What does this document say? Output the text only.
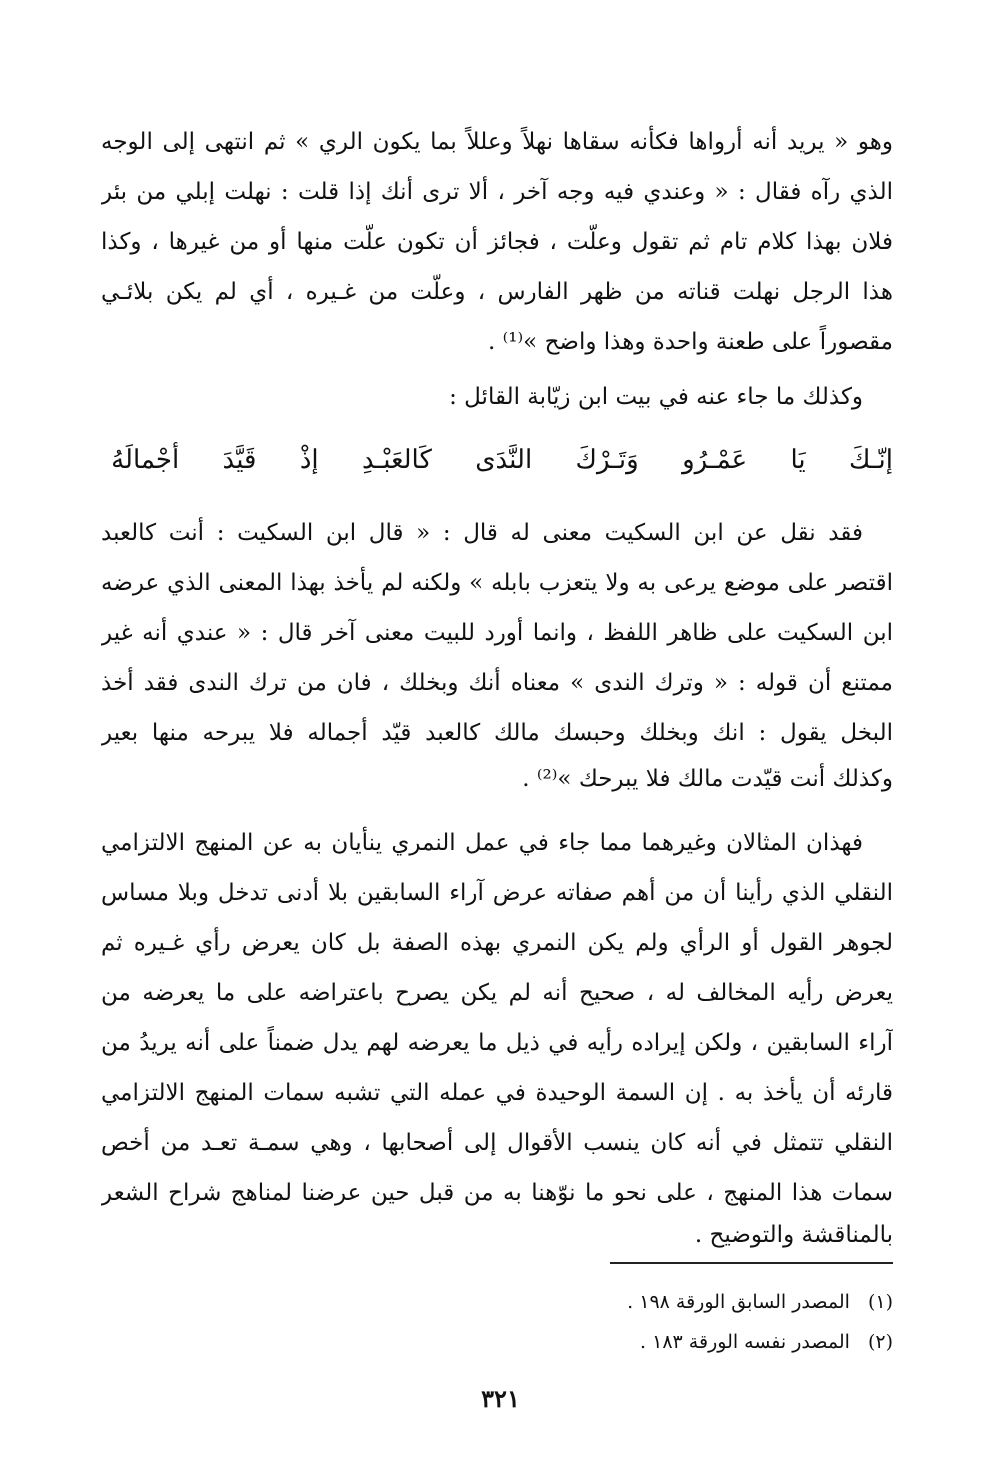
وهو « يريد أنه أرواها فكأنه سقاها نهلاً وعللاً بما يكون الري » ثم انتهى إلى الوجه
الذي رآه فقال : « وعندي فيه وجه آخر ، ألا ترى أنك إذا قلت : نهلت إبلي من بئر
فلان بهذا كلام تام ثم تقول وعلّت ، فجائز أن تكون علّت منها أو من غيرها ، وكذا
هذا الرجل نهلت قناته من ظهر الفارس ، وعلّت من غـيره ، أي لم يكن بلائـي
مقصوراً على طعنة واحدة وهذا واضح »⁽¹⁾ .
وكذلك ما جاء عنه في بيت ابن زيّابة القائل :
إنّـكَ
يَا
عَمْـرُو
وَتَـرْكَ
النَّدَى
كَالعَبْـدِ
إذْ
قَيَّدَ
أجْمالَهُ
فقد نقل عن ابن السكيت معنى له قال : « قال ابن السكيت : أنت كالعبد
اقتصر على موضع يرعى به ولا يتعزب بابله » ولكنه لم يأخذ بهذا المعنى الذي عرضه
ابن السكيت على ظاهر اللفظ ، وانما أورد للبيت معنى آخر قال : « عندي أنه غير
ممتنع أن قوله : « وترك الندى » معناه أنك وبخلك ، فان من ترك الندى فقد أخذ
البخل يقول : انك وبخلك وحبسك مالك كالعبد قيّد أجماله فلا يبرحه منها بعير
وكذلك أنت قيّدت مالك فلا يبرحك »⁽²⁾ .
فهذان المثالان وغيرهما مما جاء في عمل النمري ينأيان به عن المنهج الالتزامي
النقلي الذي رأينا أن من أهم صفاته عرض آراء السابقين بلا أدنى تدخل وبلا مساس
لجوهر القول أو الرأي ولم يكن النمري بهذه الصفة بل كان يعرض رأي غـيره ثم
يعرض رأيه المخالف له ، صحيح أنه لم يكن يصرح باعتراضه على ما يعرضه من
آراء السابقين ، ولكن إيراده رأيه في ذيل ما يعرضه لهم يدل ضمناً على أنه يريدُ من
قارئه أن يأخذ به . إن السمة الوحيدة في عمله التي تشبه سمات المنهج الالتزامي
النقلي تتمثل في أنه كان ينسب الأقوال إلى أصحابها ، وهي سمـة تعـد من أخص
سمات هذا المنهج ، على نحو ما نوّهنا به من قبل حين عرضنا لمناهج شراح الشعر
بالمناقشة والتوضيح .
(١)المصدر السابق الورقة ١٩٨ .
(٢)المصدر نفسه الورقة ١٨٣ .
٣٢١
